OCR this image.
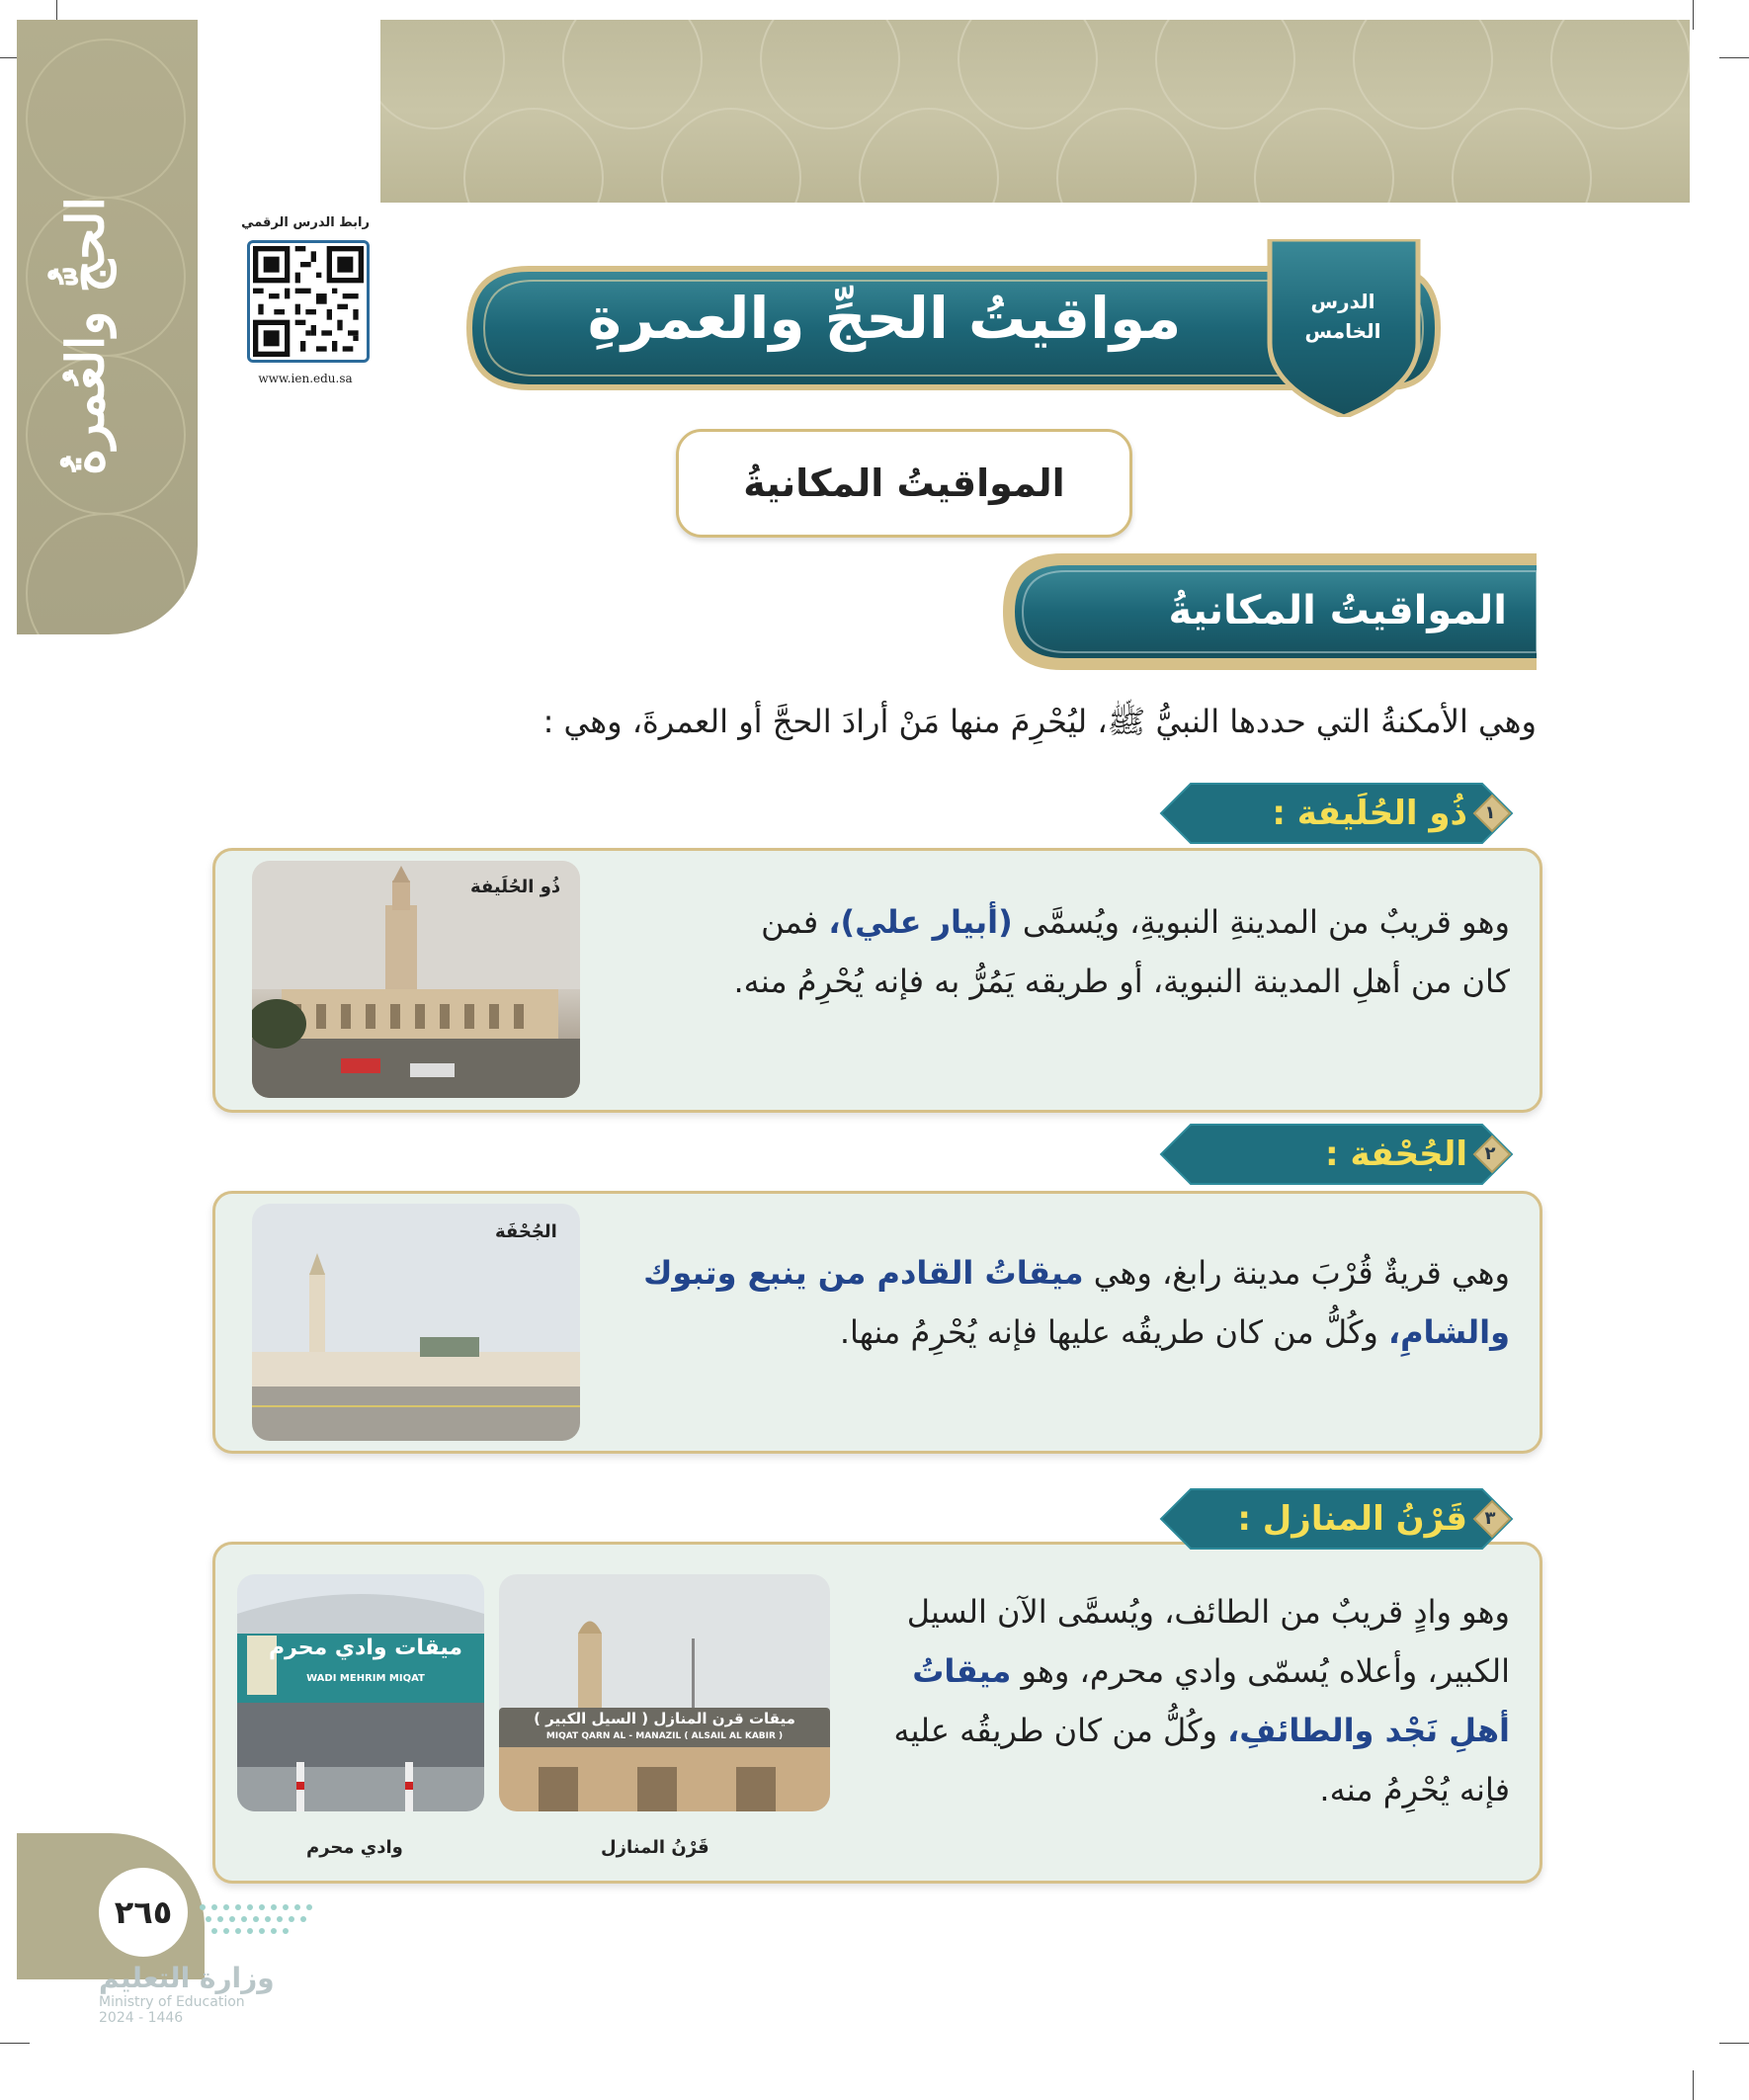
الحجُّ والعُمرةُ	رابط الدرس الرقمي
www.ien.edu.sa
مواقيتُ الحجِّ والعمرةِ	الدرس
الخامس
المواقيتُ المكانيةُ
المواقيتُ المكانيةُ
وهي الأمكنةُ التي حددها النبيُّ ﷺ، ليُحْرِمَ منها مَنْ أرادَ الحجَّ أو العمرةَ، وهي :
وهو قريبٌ من المدينةِ النبويةِ، ويُسمَّى (أبيار علي)، فمن كان من أهلِ المدينة النبوية، أو طريقه يَمُرُّ به فإنه يُحْرِمُ منه.
ذُو الحُلَيفة
١
ذُو الحُلَيفة :
وهي قريةٌ قُرْبَ مدينة رابغ، وهي ميقاتُ القادم من ينبع وتبوك والشامِ، وكُلُّ من كان طريقُه عليها فإنه يُحْرِمُ منها.
الجُحْفَة
٢
الجُحْفة :
وهو وادٍ قريبٌ من الطائف، ويُسمَّى الآن السيل الكبير، وأعلاه يُسمّى وادي محرم، وهو ميقاتُ أهلِ نَجْد والطائفِ، وكُلُّ من كان طريقُه عليه فإنه يُحْرِمُ منه.
ميقات قرن المنازل ( السيل الكبير )
MIQAT QARN AL - MANAZIL ( ALSAIL AL KABIR )
ميقات وادي محرم
WADI MEHRIM MIQAT
قَرْنُ المنازل
وادي محرم
٣
قَرْنُ المنازل :
٢٦٥
وزارة التعليم
Ministry of Education
2024 - 1446
